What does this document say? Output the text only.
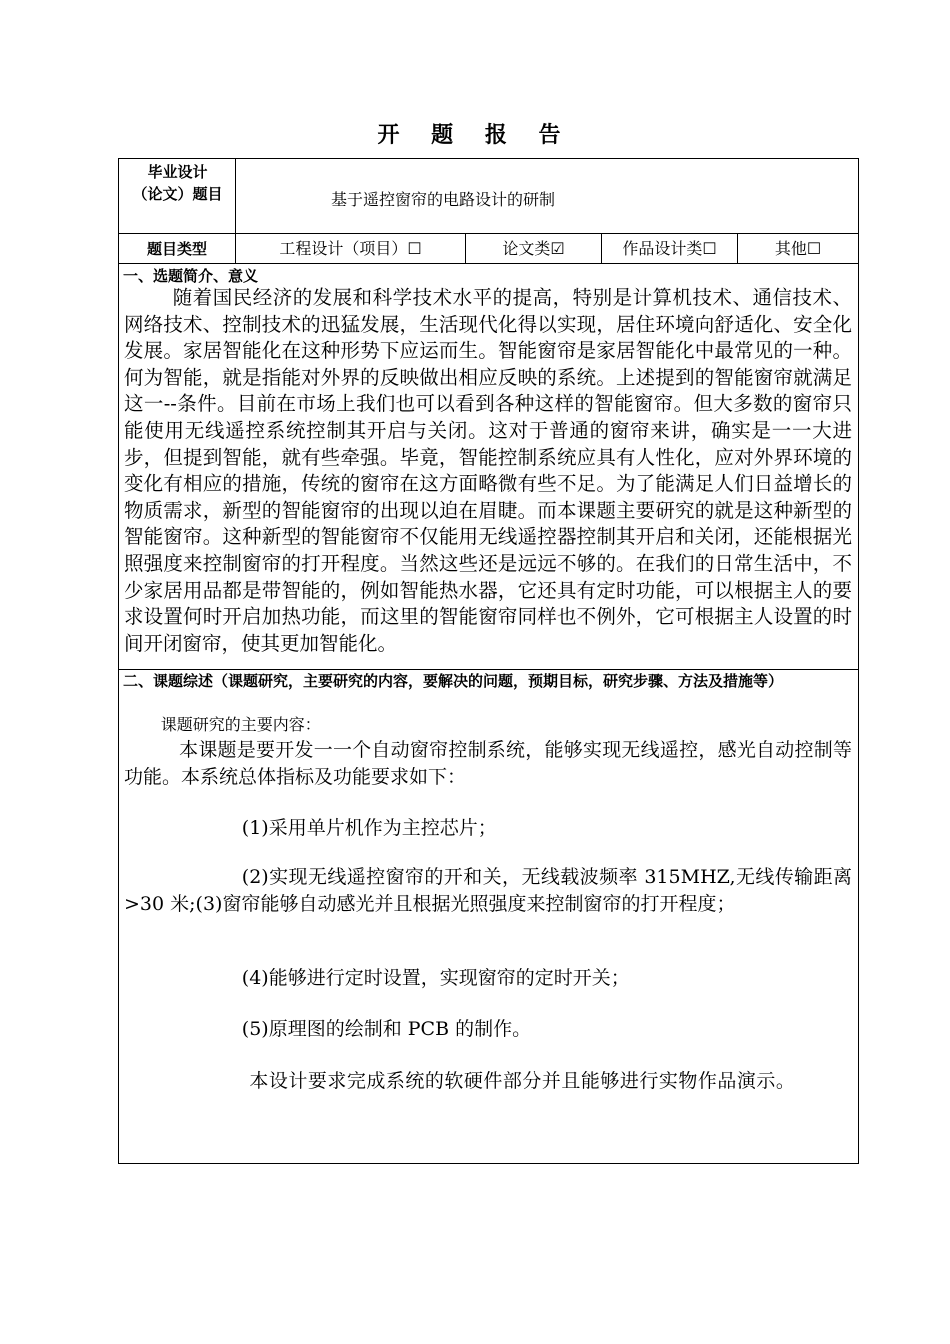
开 题 报 告
毕业设计
（论文）题目	基于遥控窗帘的电路设计的研制
题目类型	工程设计（项目）☐	论文类☑	作品设计类☐	其他☐
一、选题简介、意义

随着国民经济的发展和科学技术水平的提高，特别是计算机技术、通信技术、网络技术、控制技术的迅猛发展，生活现代化得以实现，居住环境向舒适化、安全化发展。家居智能化在这种形势下应运而生。智能窗帘是家居智能化中最常见的一种。何为智能，就是指能对外界的反映做出相应反映的系统。上述提到的智能窗帘就满足这一--条件。目前在市场上我们也可以看到各种这样的智能窗帘。但大多数的窗帘只能使用无线遥控系统控制其开启与关闭。这对于普通的窗帘来讲，确实是一一大进步，但提到智能，就有些牵强。毕竟，智能控制系统应具有人性化，应对外界环境的变化有相应的措施，传统的窗帘在这方面略微有些不足。为了能满足人们日益增长的物质需求，新型的智能窗帘的出现以迫在眉睫。而本课题主要研究的就是这种新型的智能窗帘。这种新型的智能窗帘不仅能用无线遥控器控制其开启和关闭，还能根据光照强度来控制窗帘的打开程度。当然这些还是远远不够的。在我们的日常生活中，不少家居用品都是带智能的，例如智能热水器，它还具有定时功能，可以根据主人的要求设置何时开启加热功能，而这里的智能窗帘同样也不例外，它可根据主人设置的时间开闭窗帘，使其更加智能化。

二、课题综述（课题研究，主要研究的内容，要解决的问题，预期目标，研究步骤、方法及措施等）

课题研究的主要内容：

本课题是要开发一一个自动窗帘控制系统，能够实现无线遥控，感光自动控制等功能。本系统总体指标及功能要求如下：

(1)采用单片机作为主控芯片；

(2)实现无线遥控窗帘的开和关，无线载波频率 315MHZ,无线传输距离>30 米;(3)窗帘能够自动感光并且根据光照强度来控制窗帘的打开程度；

(4)能够进行定时设置，实现窗帘的定时开关；

(5)原理图的绘制和 PCB 的制作。

本设计要求完成系统的软硬件部分并且能够进行实物作品演示。
